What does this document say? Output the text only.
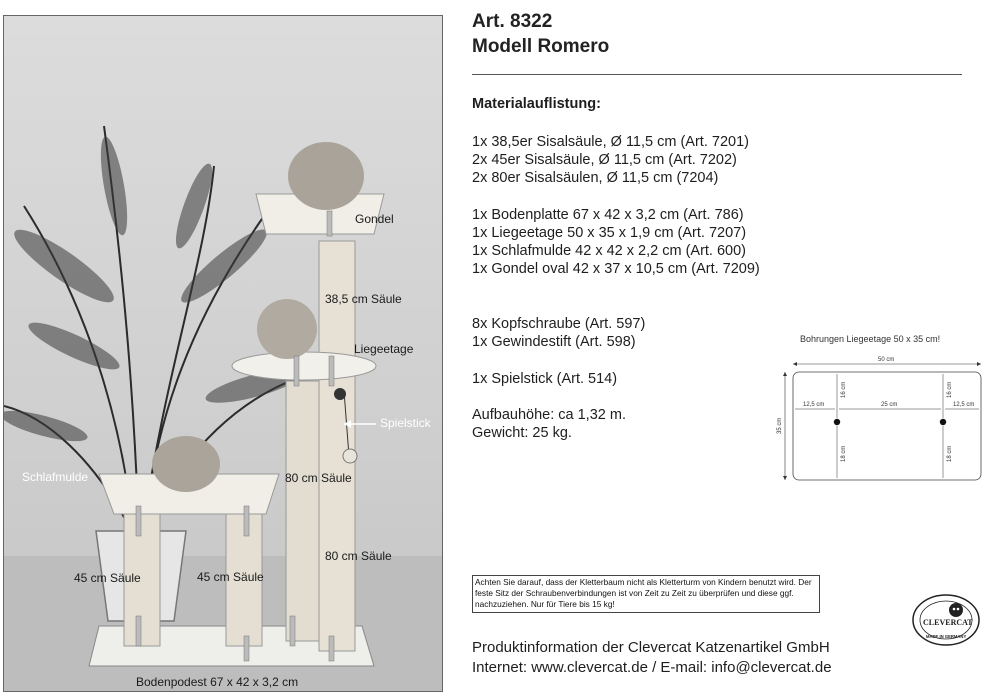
Gondel
38,5 cm Säule
Liegeetage
Spielstick
Schlafmulde	80 cm Säule
80 cm Säule
45 cm Säule	45 cm Säule
Bodenpodest 67 x 42 x 3,2 cm
Art. 8322
Modell Romero
Materialauflistung:
1x 38,5er Sisalsäule, Ø 11,5 cm (Art. 7201)
2x 45er Sisalsäule, Ø 11,5 cm (Art. 7202)
2x 80er Sisalsäulen, Ø 11,5 cm (7204)
1x Bodenplatte 67 x 42 x 3,2 cm (Art. 786)
1x Liegeetage 50 x 35 x 1,9 cm (Art. 7207)
1x Schlafmulde 42 x 42 x 2,2 cm (Art. 600)
1x Gondel oval 42 x 37 x 10,5 cm (Art. 7209)
8x Kopfschraube (Art. 597)
1x Gewindestift (Art. 598)
1x Spielstick (Art. 514)
Aufbauhöhe: ca 1,32 m.
Gewicht: 25 kg.
Bohrungen Liegeetage 50 x 35 cm!
50 cm
35 cm
12,5 cm	25 cm	12,5 cm
16 cm	16 cm
18 cm	18 cm
Achten Sie darauf, dass der Kletterbaum nicht als Kletterturm von Kindern benutzt wird. Der feste Sitz der Schraubenverbindungen ist von Zeit zu Zeit zu überprüfen und diese ggf. nachzuziehen. Nur für Tiere bis 15 kg!
CLEVERCAT
MADE IN GERMANY
Produktinformation der Clevercat Katzenartikel GmbH
Internet: www.clevercat.de / E-mail: info@clevercat.de
